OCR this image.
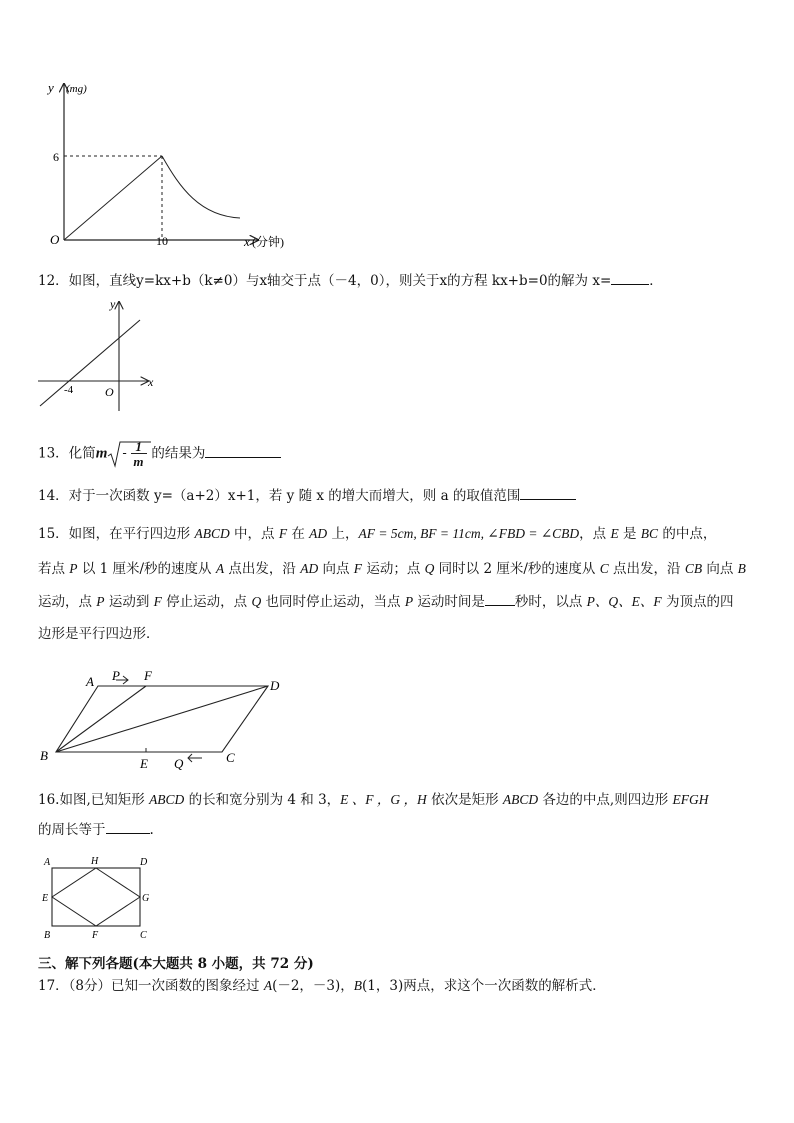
y (mg)
6
O	10	x (分钟)
12．如图，直线y=kx+b（k≠0）与x轴交于点（－4，0），则关于x的方程 kx+b=0的解为 x=	．
y
x
O
-4
13．化简m - 1
m 的结果为
14．对于一次函数 y=（a+2）x+1，若 y 随 x 的增大而增大，则 a 的取值范围
15．如图，在平行四边形 ABCD 中，点 F 在 AD 上，AF = 5cm, BF = 11cm, ∠FBD = ∠CBD，点 E 是 BC 的中点，
若点 P 以 1 厘米/秒的速度从 A 点出发，沿 AD 向点 F 运动；点 Q 同时以 2 厘米/秒的速度从 C 点出发，沿 CB 向点 B
运动，点 P 运动到 F 停止运动，点 Q 也同时停止运动，当点 P 运动时间是 秒时，以点 P、Q、E、F 为顶点的四
边形是平行四边形．
A P F
D
B
E Q	C
16.如图,已知矩形 ABCD 的长和宽分别为 4 和 3，E 、F ，G ，H 依次是矩形 ABCD 各边的中点,则四边形 EFGH
的周长等于	.
A	H	D
E	G
B	F	C
三、解下列各题(本大题共 8 小题，共 72 分)
17．（8分）已知一次函数的图象经过 A(－2，－3)，B(1，3)两点，求这个一次函数的解析式．
